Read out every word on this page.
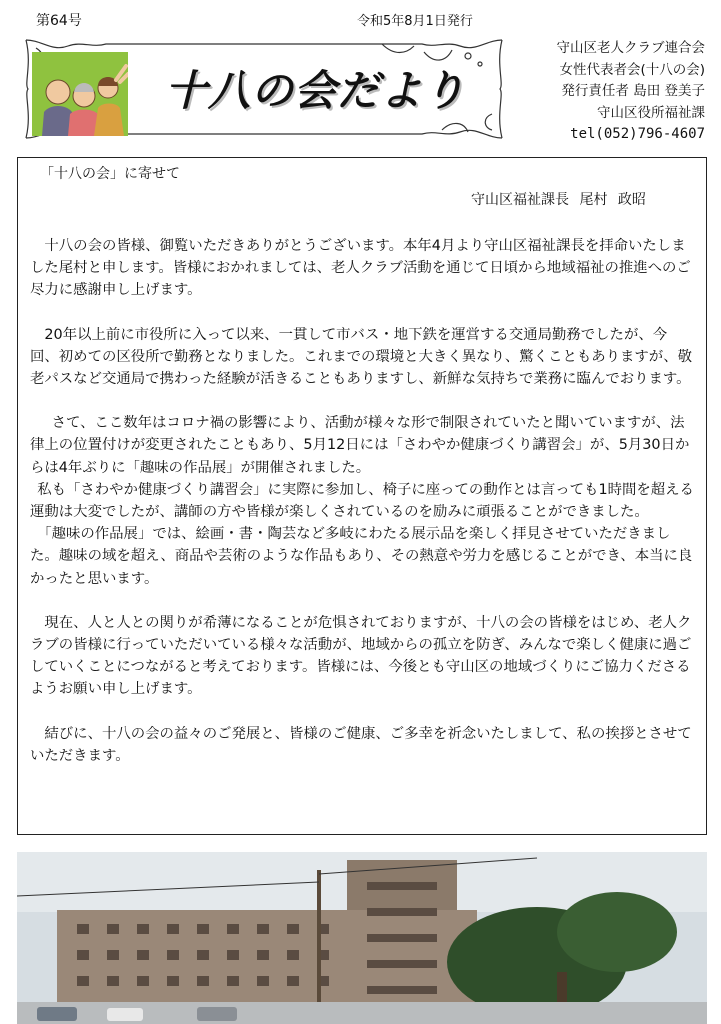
第64号	令和5年8月1日発行
十八の会だより
守山区老人クラブ連合会
女性代表者会(十八の会)
発行責任者 島田 登美子
守山区役所福祉課
tel(052)796-4607
「十八の会」に寄せて
守山区福祉課長 尾村 政昭

 十八の会の皆様、御覧いただきありがとうございます。本年4月より守山区福祉課長を拝命いたしました尾村と申します。皆様におかれましては、老人クラブ活動を通じて日頃から地域福祉の推進へのご尽力に感謝申し上げます。

 20年以上前に市役所に入って以来、一貫して市バス・地下鉄を運営する交通局勤務でしたが、今回、初めての区役所で勤務となりました。これまでの環境と大きく異なり、驚くこともありますが、敬老パスなど交通局で携わった経験が活きることもありますし、新鮮な気持ちで業務に臨んでおります。

  さて、ここ数年はコロナ禍の影響により、活動が様々な形で制限されていたと聞いていますが、法律上の位置付けが変更されたこともあり、5月12日には「さわやか健康づくり講習会」が、5月30日からは4年ぶりに「趣味の作品展」が開催されました。

 私も「さわやか健康づくり講習会」に実際に参加し、椅子に座っての動作とは言っても1時間を超える運動は大変でしたが、講師の方や皆様が楽しくされているのを励みに頑張ることができました。

 「趣味の作品展」では、絵画・書・陶芸など多岐にわたる展示品を楽しく拝見させていただきました。趣味の域を超え、商品や芸術のような作品もあり、その熱意や労力を感じることができ、本当に良かったと思います。

 現在、人と人との関りが希薄になることが危惧されておりますが、十八の会の皆様をはじめ、老人クラブの皆様に行っていただいている様々な活動が、地域からの孤立を防ぎ、みんなで楽しく健康に過ごしていくことにつながると考えております。皆様には、今後とも守山区の地域づくりにご協力くださるようお願い申し上げます。

 結びに、十八の会の益々のご発展と、皆様のご健康、ご多幸を祈念いたしまして、私の挨拶とさせていただきます。
